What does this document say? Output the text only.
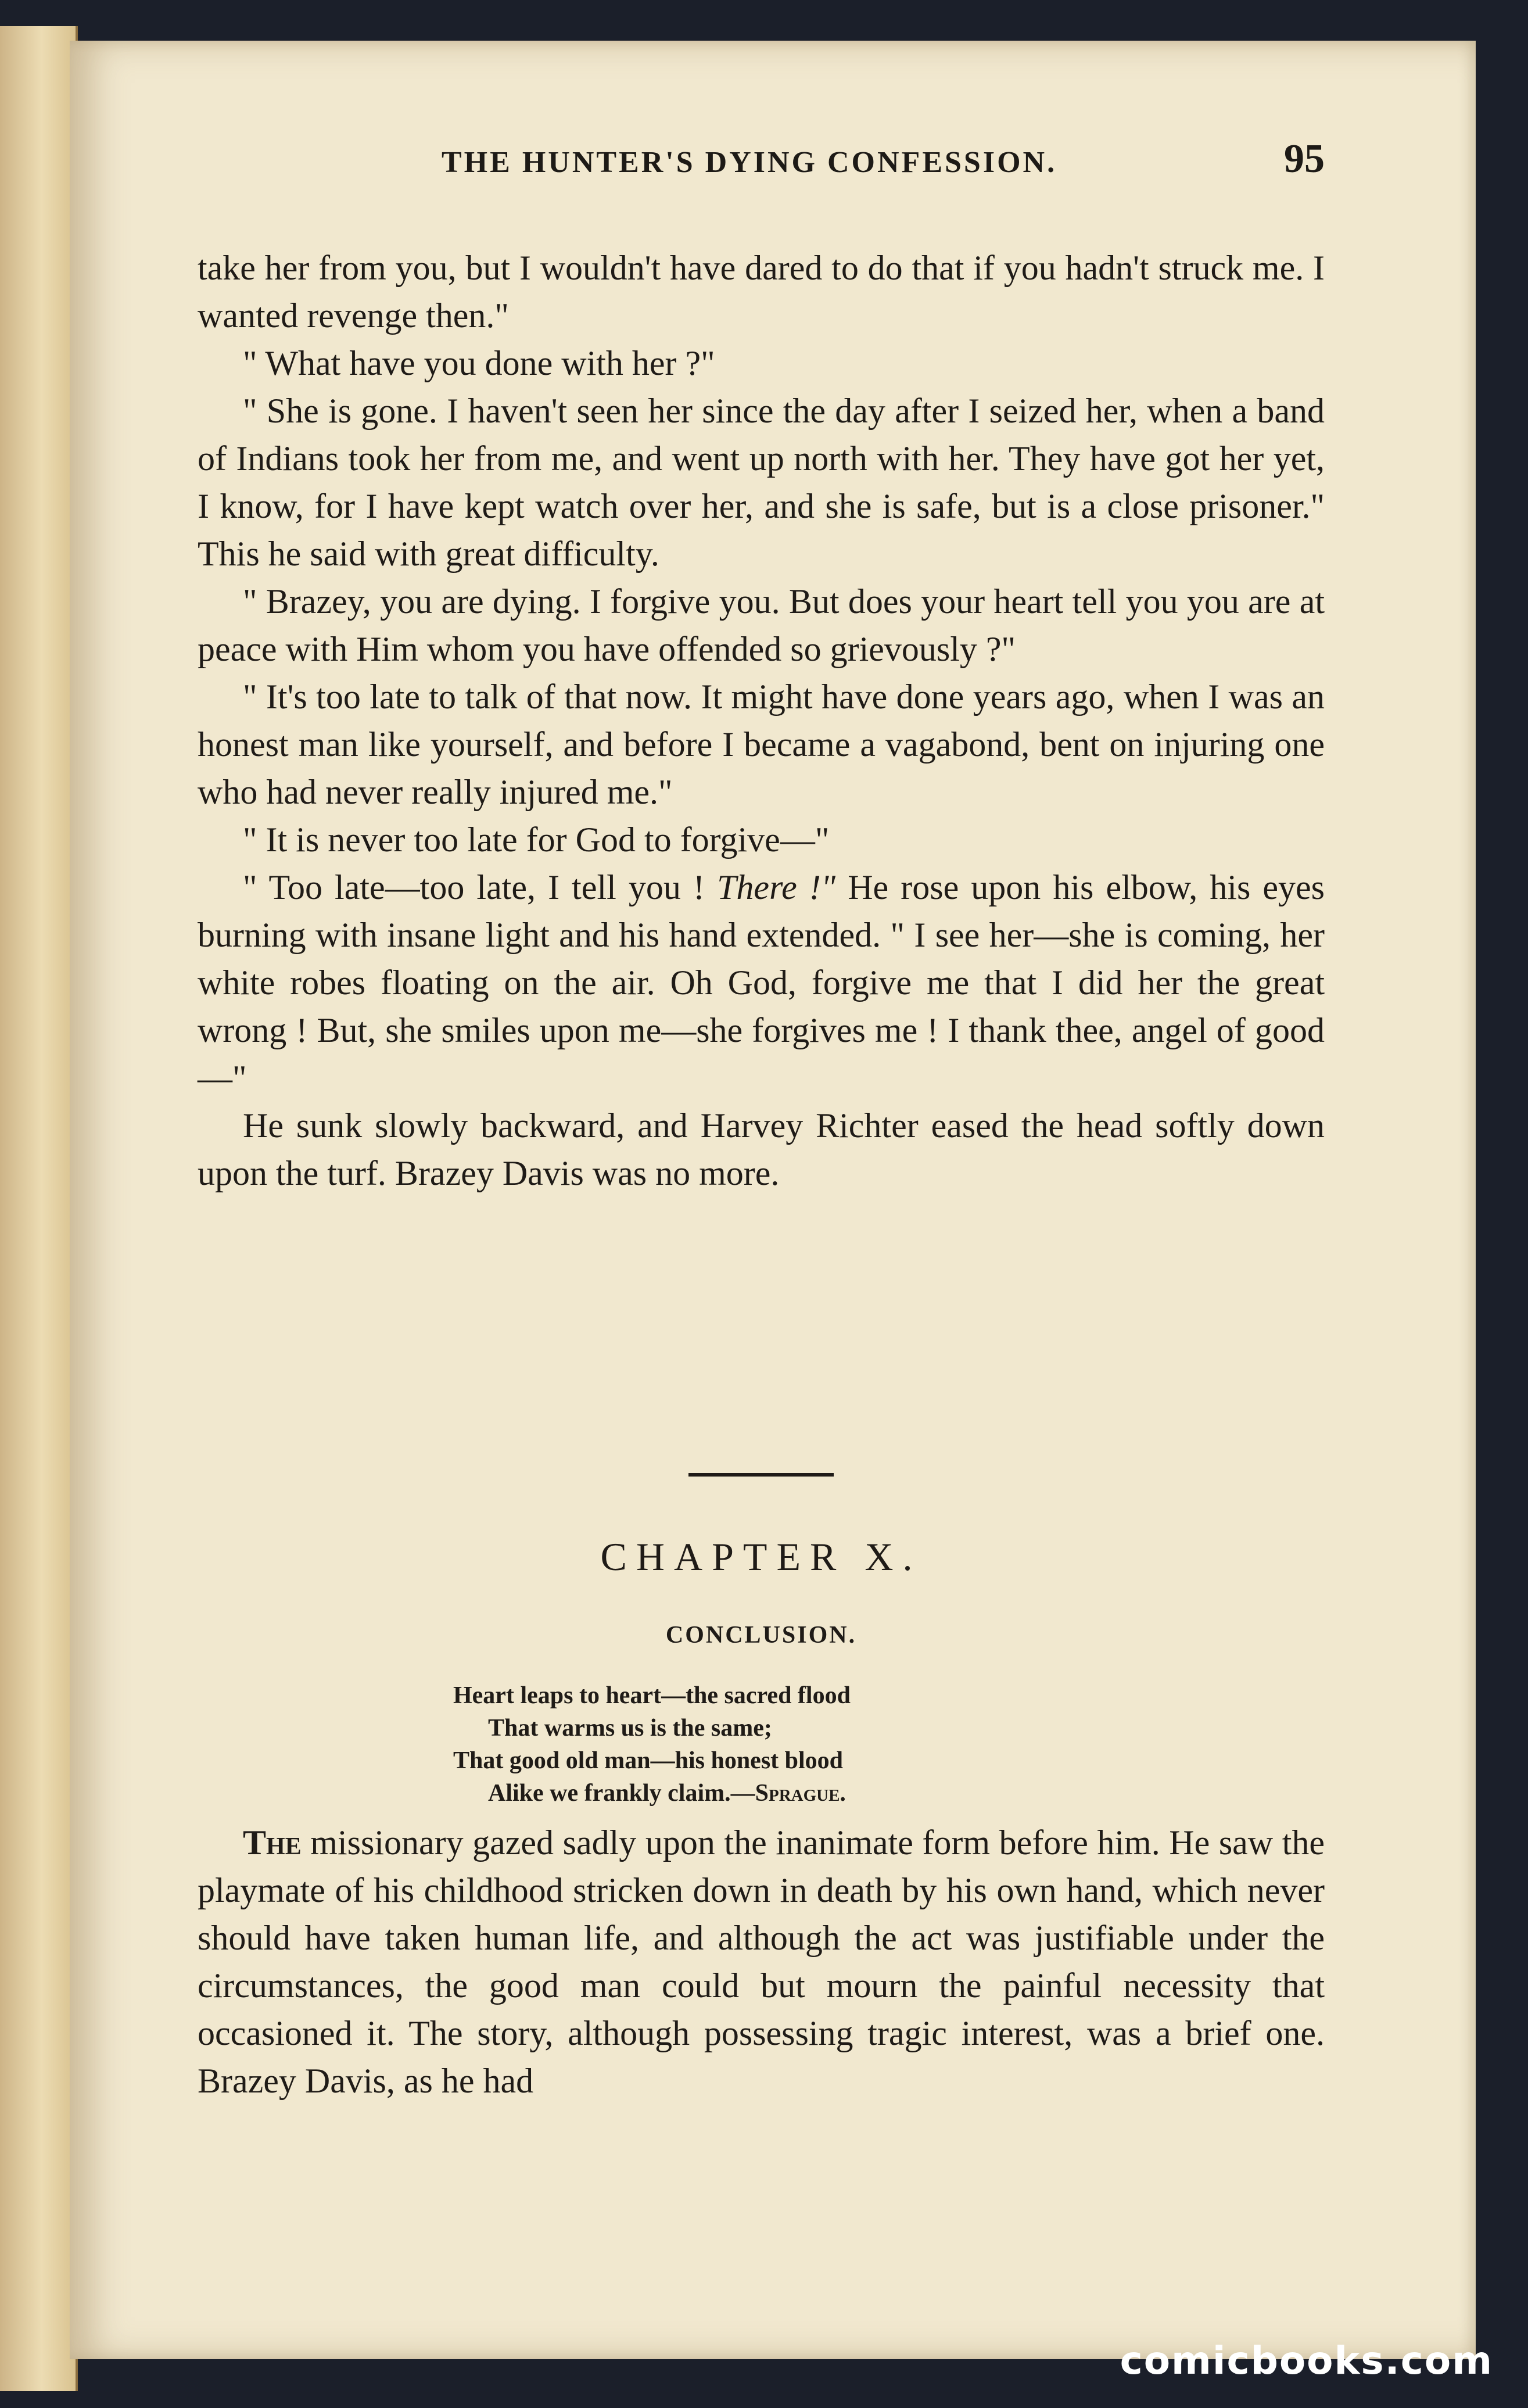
THE HUNTER'S DYING CONFESSION.	95

take her from you, but I wouldn't have dared to do that if you hadn't struck me. I wanted revenge then."

" What have you done with her ?"

" She is gone. I haven't seen her since the day after I seized her, when a band of Indians took her from me, and went up north with her. They have got her yet, I know, for I have kept watch over her, and she is safe, but is a close prisoner." This he said with great difficulty.

" Brazey, you are dying. I forgive you. But does your heart tell you you are at peace with Him whom you have offended so grievously ?"

" It's too late to talk of that now. It might have done years ago, when I was an honest man like yourself, and before I became a vagabond, bent on injuring one who had never really injured me."

" It is never too late for God to forgive—"

" Too late—too late, I tell you ! There !" He rose upon his elbow, his eyes burning with insane light and his hand extended. " I see her—she is coming, her white robes floating on the air. Oh God, forgive me that I did her the great wrong ! But, she smiles upon me—she forgives me ! I thank thee, angel of good—"

He sunk slowly backward, and Harvey Richter eased the head softly down upon the turf. Brazey Davis was no more.

CHAPTER X.
CONCLUSION.
Heart leaps to heart—the sacred flood
That warms us is the same;
That good old man—his honest blood
Alike we frankly claim.—Sprague.

The missionary gazed sadly upon the inanimate form before him. He saw the playmate of his childhood stricken down in death by his own hand, which never should have taken human life, and although the act was justifiable under the circumstances, the good man could but mourn the painful necessity that occasioned it. The story, although possessing tragic interest, was a brief one. Brazey Davis, as he had

comicbooks.com
